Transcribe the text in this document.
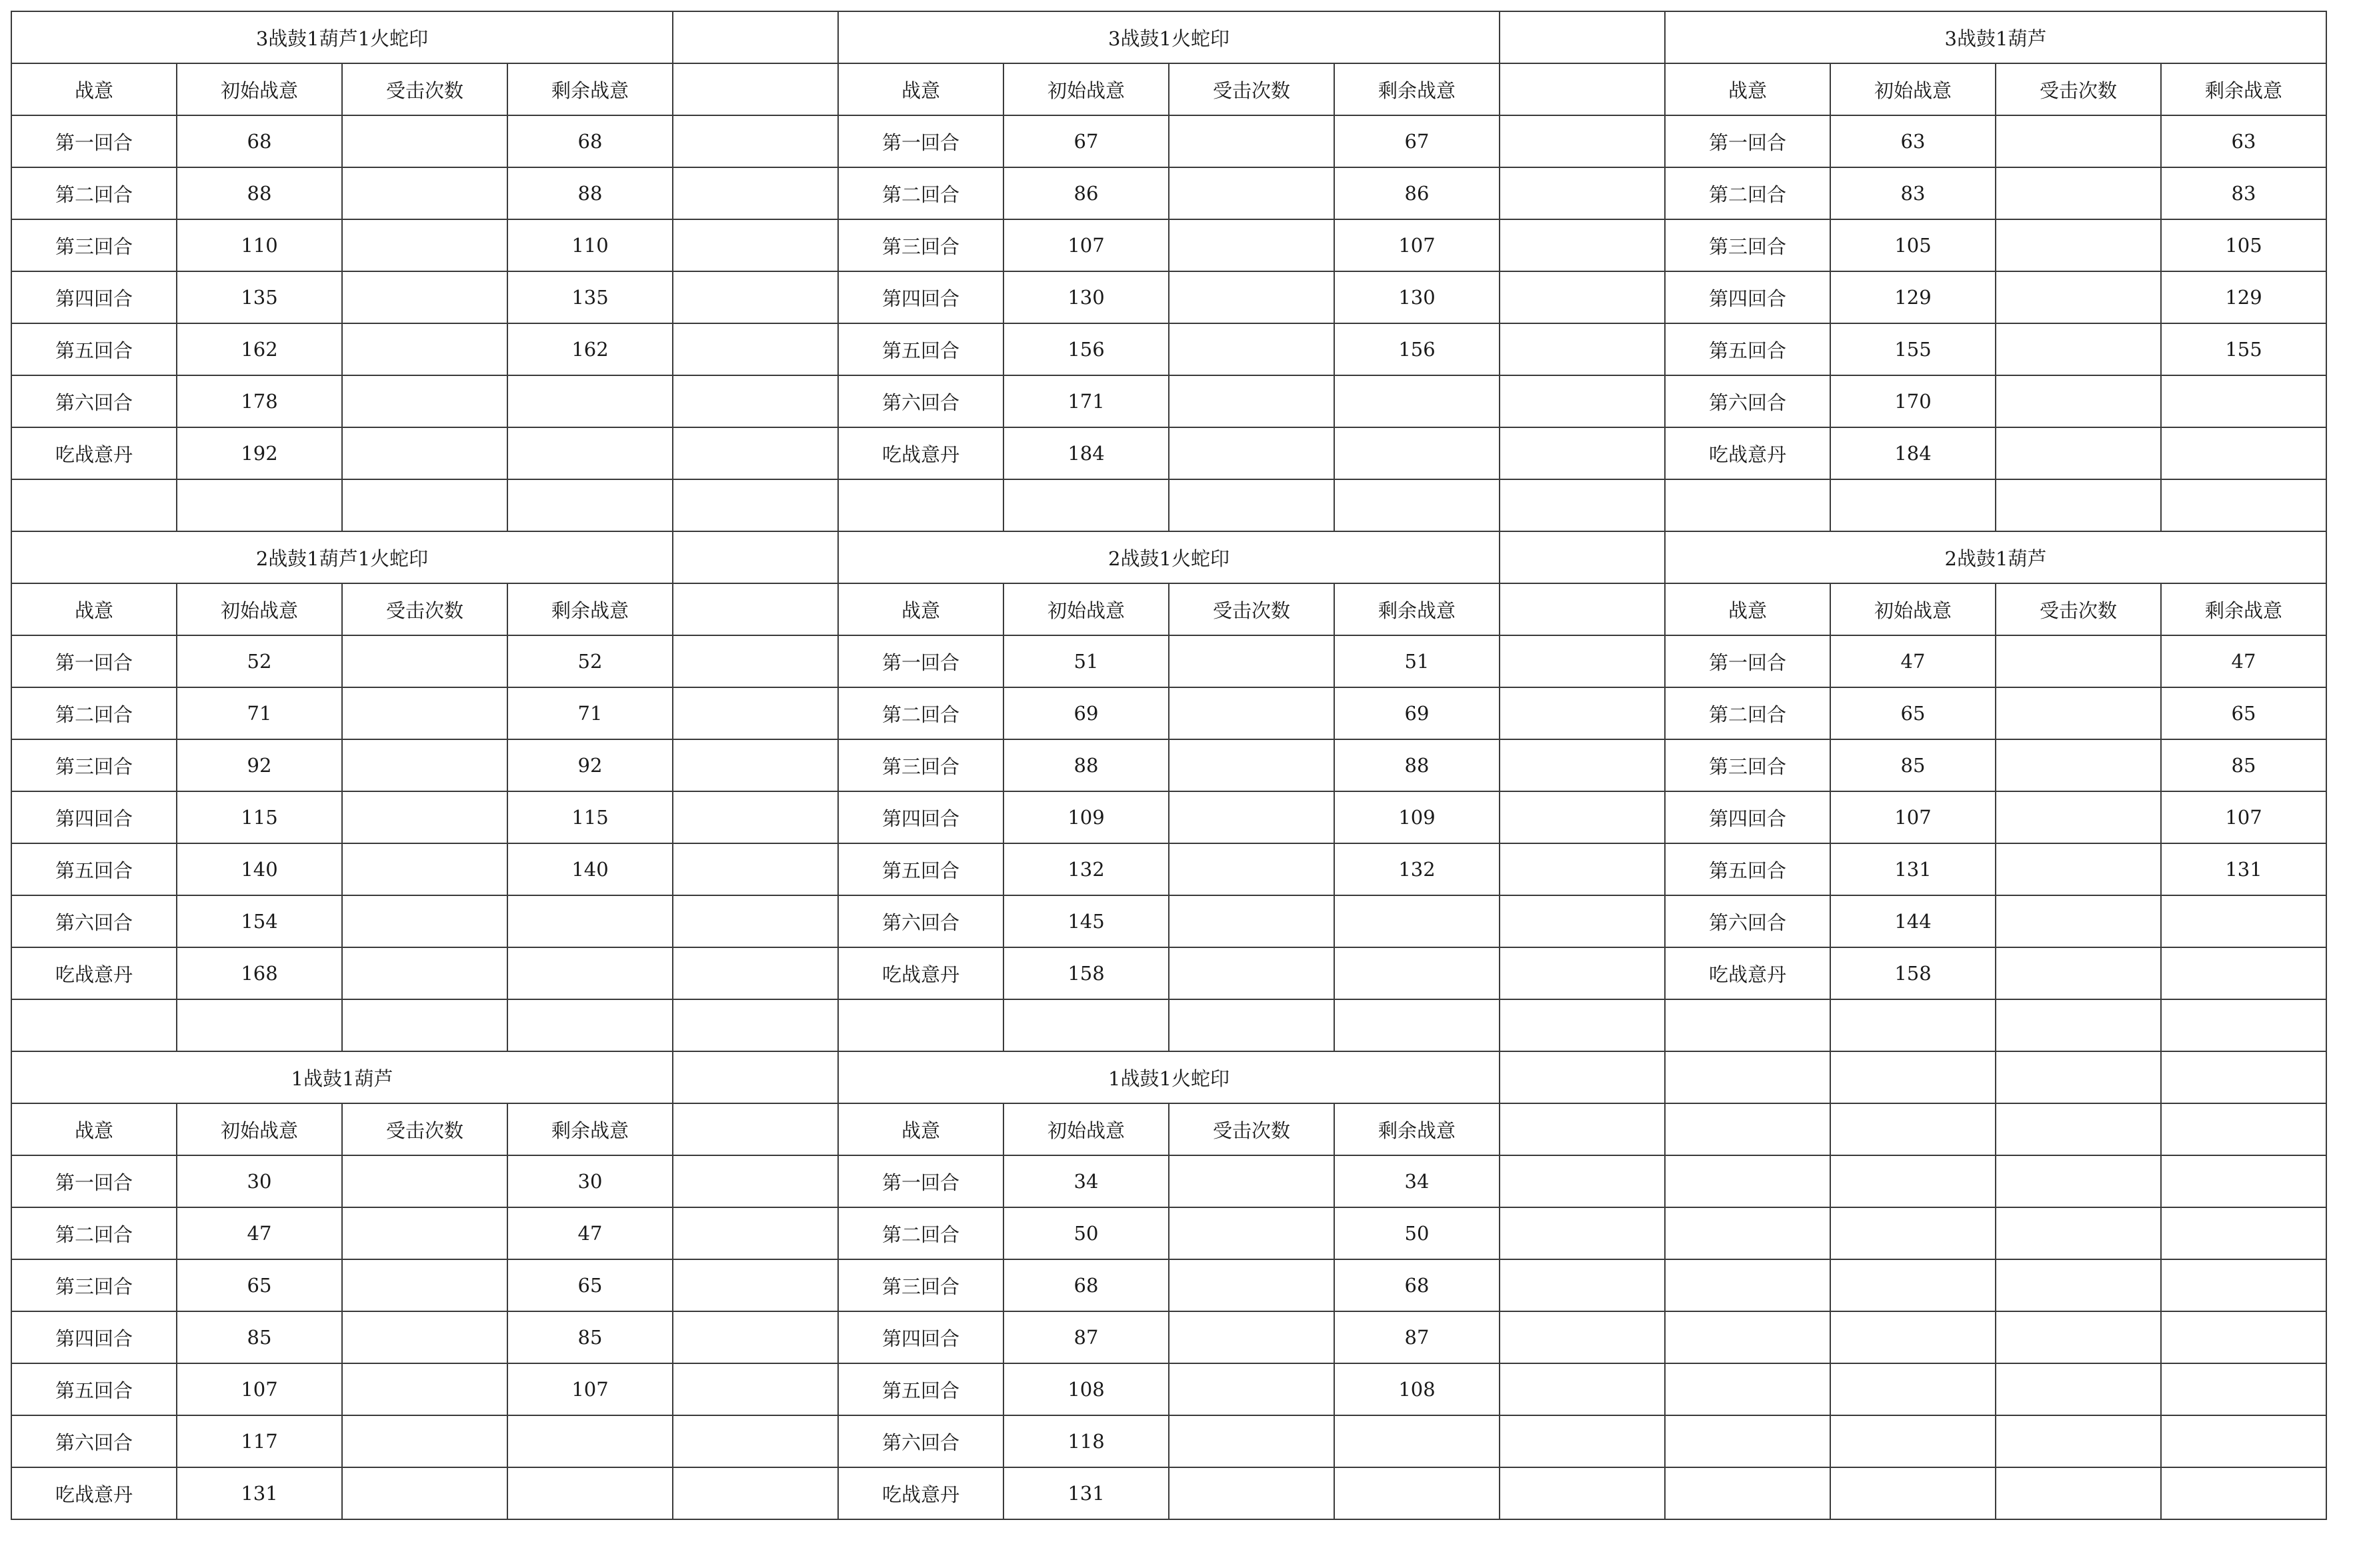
3战鼓1葫芦1火蛇印					3战鼓1火蛇印					3战鼓1葫芦			
战意	初始战意	受击次数	剩余战意		战意	初始战意	受击次数	剩余战意		战意	初始战意	受击次数	剩余战意
第一回合	68		68		第一回合	67		67		第一回合	63		63
第二回合	88		88		第二回合	86		86		第二回合	83		83
第三回合	110		110		第三回合	107		107		第三回合	105		105
第四回合	135		135		第四回合	130		130		第四回合	129		129
第五回合	162		162		第五回合	156		156		第五回合	155		155
第六回合	178				第六回合	171				第六回合	170		
吃战意丹	192				吃战意丹	184				吃战意丹	184		

2战鼓1葫芦1火蛇印					2战鼓1火蛇印					2战鼓1葫芦			
战意	初始战意	受击次数	剩余战意		战意	初始战意	受击次数	剩余战意		战意	初始战意	受击次数	剩余战意
第一回合	52		52		第一回合	51		51		第一回合	47		47
第二回合	71		71		第二回合	69		69		第二回合	65		65
第三回合	92		92		第三回合	88		88		第三回合	85		85
第四回合	115		115		第四回合	109		109		第四回合	107		107
第五回合	140		140		第五回合	132		132		第五回合	131		131
第六回合	154				第六回合	145				第六回合	144		
吃战意丹	168				吃战意丹	158				吃战意丹	158		

1战鼓1葫芦					1战鼓1火蛇印								
战意	初始战意	受击次数	剩余战意		战意	初始战意	受击次数	剩余战意					
第一回合	30		30		第一回合	34		34					
第二回合	47		47		第二回合	50		50					
第三回合	65		65		第三回合	68		68					
第四回合	85		85		第四回合	87		87					
第五回合	107		107		第五回合	108		108					
第六回合	117				第六回合	118							
吃战意丹	131				吃战意丹	131							
